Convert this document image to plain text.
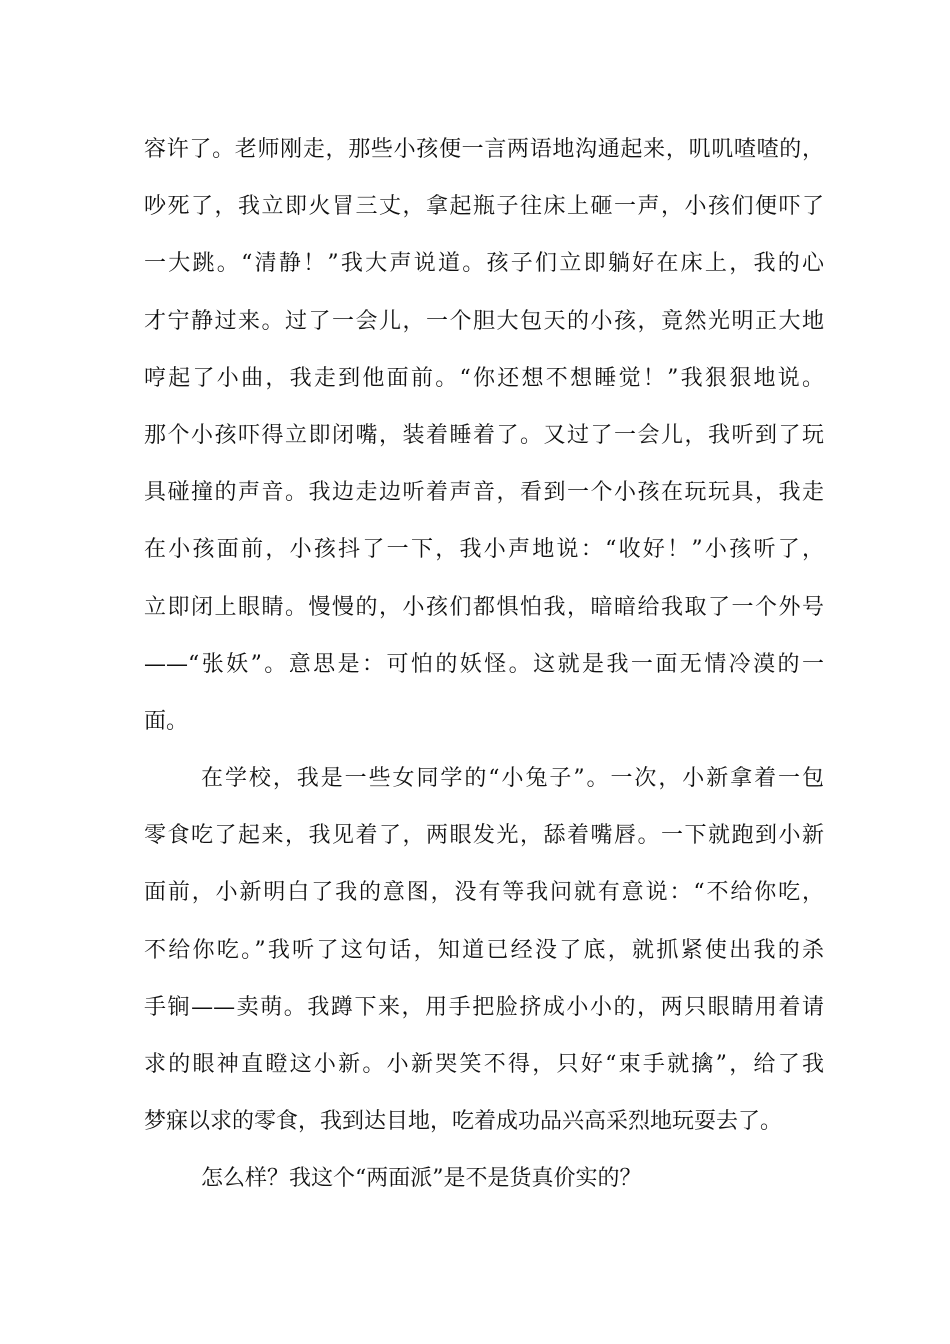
容许了。老师刚走，那些小孩便一言两语地沟通起来，叽叽喳喳的，
吵死了，我立即火冒三丈，拿起瓶子往床上砸一声，小孩们便吓了
一大跳。“清静！”我大声说道。孩子们立即躺好在床上，我的心
才宁静过来。过了一会儿，一个胆大包天的小孩，竟然光明正大地
哼起了小曲，我走到他面前。“你还想不想睡觉！”我狠狠地说。
那个小孩吓得立即闭嘴，装着睡着了。又过了一会儿，我听到了玩
具碰撞的声音。我边走边听着声音，看到一个小孩在玩玩具，我走
在小孩面前，小孩抖了一下，我小声地说：“收好！”小孩听了，
立即闭上眼睛。慢慢的，小孩们都惧怕我，暗暗给我取了一个外号
——“张妖”。意思是：可怕的妖怪。这就是我一面无情冷漠的一
面。
在学校，我是一些女同学的“小兔子”。一次，小新拿着一包
零食吃了起来，我见着了，两眼发光，舔着嘴唇。一下就跑到小新
面前，小新明白了我的意图，没有等我问就有意说：“不给你吃，
不给你吃。”我听了这句话，知道已经没了底，就抓紧使出我的杀
手锏——卖萌。我蹲下来，用手把脸挤成小小的，两只眼睛用着请
求的眼神直瞪这小新。小新哭笑不得，只好“束手就擒”，给了我
梦寐以求的零食，我到达目地，吃着成功品兴高采烈地玩耍去了。
怎么样？我这个“两面派”是不是货真价实的？
